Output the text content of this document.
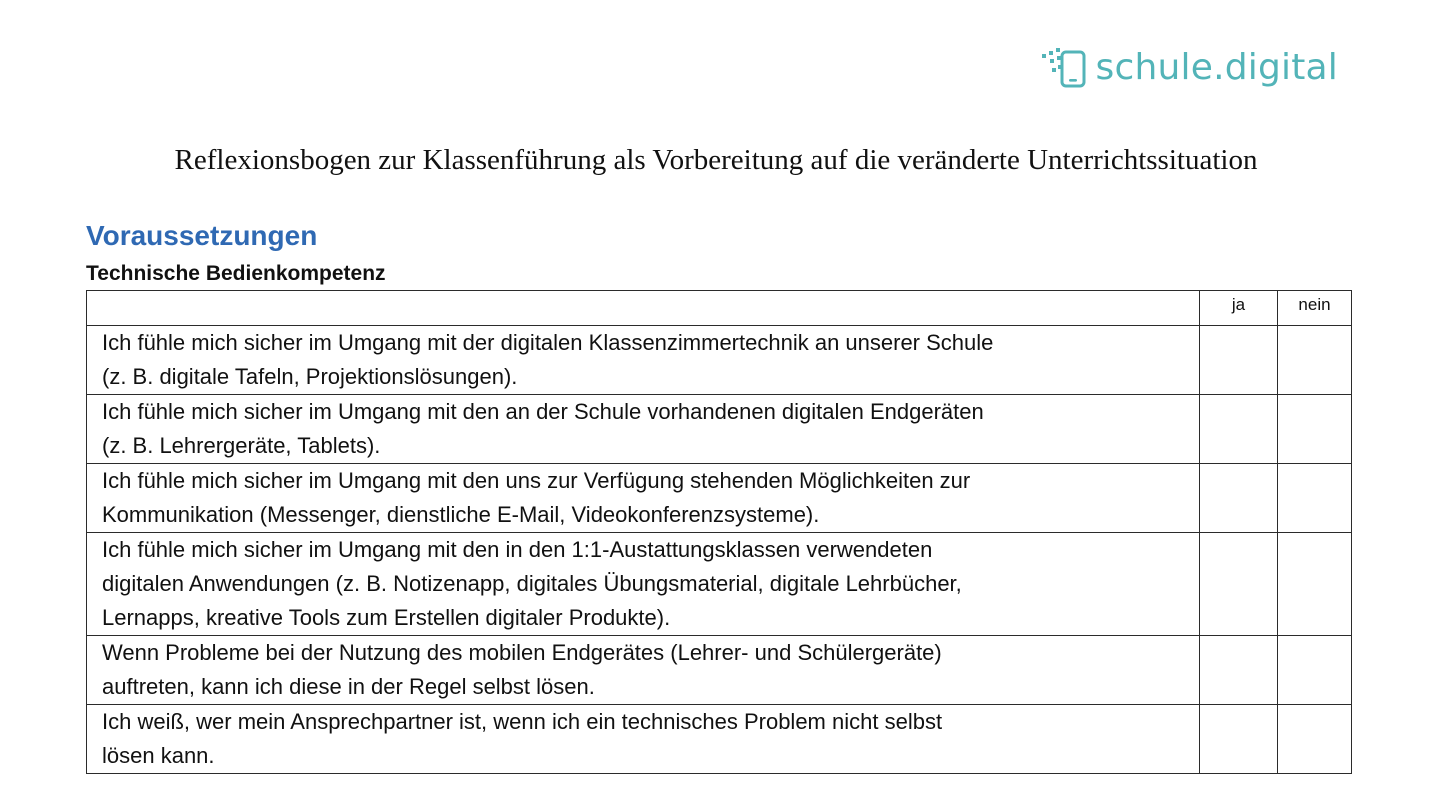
schule.digital
Reflexionsbogen zur Klassenführung als Vorbereitung auf die veränderte Unterrichtssituation
Voraussetzungen
Technische Bedienkompetenz
	ja	nein

Ich fühle mich sicher im Umgang mit der digitalen Klassenzimmertechnik an unserer Schule
(z. B. digitale Tafeln, Projektionslösungen).		

Ich fühle mich sicher im Umgang mit den an der Schule vorhandenen digitalen Endgeräten
(z. B. Lehrergeräte, Tablets).		

Ich fühle mich sicher im Umgang mit den uns zur Verfügung stehenden Möglichkeiten zur
Kommunikation (Messenger, dienstliche E-Mail, Videokonferenzsysteme).		

Ich fühle mich sicher im Umgang mit den in den 1:1-Austattungsklassen verwendeten
digitalen Anwendungen (z. B. Notizenapp, digitales Übungsmaterial, digitale Lehrbücher,
Lernapps, kreative Tools zum Erstellen digitaler Produkte).		

Wenn Probleme bei der Nutzung des mobilen Endgerätes (Lehrer- und Schülergeräte)
auftreten, kann ich diese in der Regel selbst lösen.		

Ich weiß, wer mein Ansprechpartner ist, wenn ich ein technisches Problem nicht selbst
lösen kann.		
